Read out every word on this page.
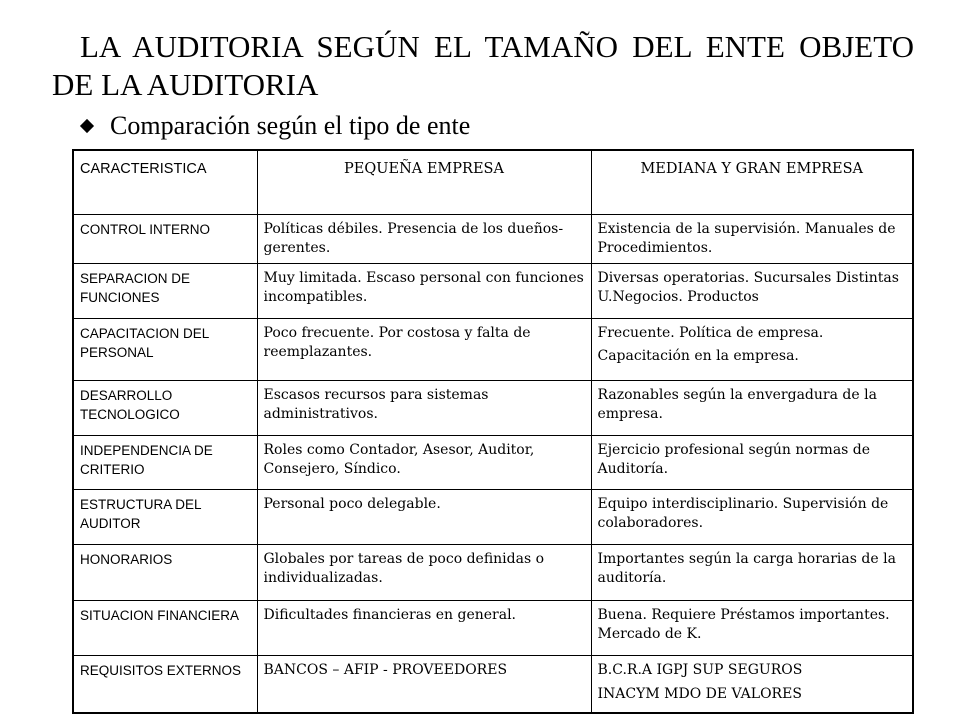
LA AUDITORIA SEGÚN EL TAMAÑO DEL ENTE OBJETO DE LA AUDITORIA
Comparación según el tipo de ente
CARACTERISTICA	PEQUEÑA EMPRESA	MEDIANA Y GRAN EMPRESA
CONTROL INTERNO	Políticas débiles. Presencia de los dueños-gerentes.	Existencia de la supervisión. Manuales de Procedimientos.
SEPARACION DE FUNCIONES	Muy limitada. Escaso personal con funciones incompatibles.	Diversas operatorias. Sucursales Distintas U.Negocios. Productos
CAPACITACION DEL PERSONAL	Poco frecuente. Por costosa y falta de reemplazantes.	Frecuente. Política de empresa.
Capacitación en la empresa.

DESARROLLO TECNOLOGICO	Escasos recursos para sistemas administrativos.	Razonables según la envergadura de la empresa.
INDEPENDENCIA DE CRITERIO	Roles como Contador, Asesor, Auditor, Consejero, Síndico.	Ejercicio profesional según normas de Auditoría.
ESTRUCTURA DEL AUDITOR	Personal poco delegable.	Equipo interdisciplinario. Supervisión de colaboradores.
HONORARIOS	Globales por tareas de poco definidas o individualizadas.	Importantes según la carga horarias de la auditoría.
SITUACION FINANCIERA	Dificultades financieras en general.	Buena. Requiere Préstamos importantes. Mercado de K.
REQUISITOS EXTERNOS	BANCOS – AFIP - PROVEEDORES	B.C.R.A IGPJ SUP SEGUROS
INACYM MDO DE VALORES
